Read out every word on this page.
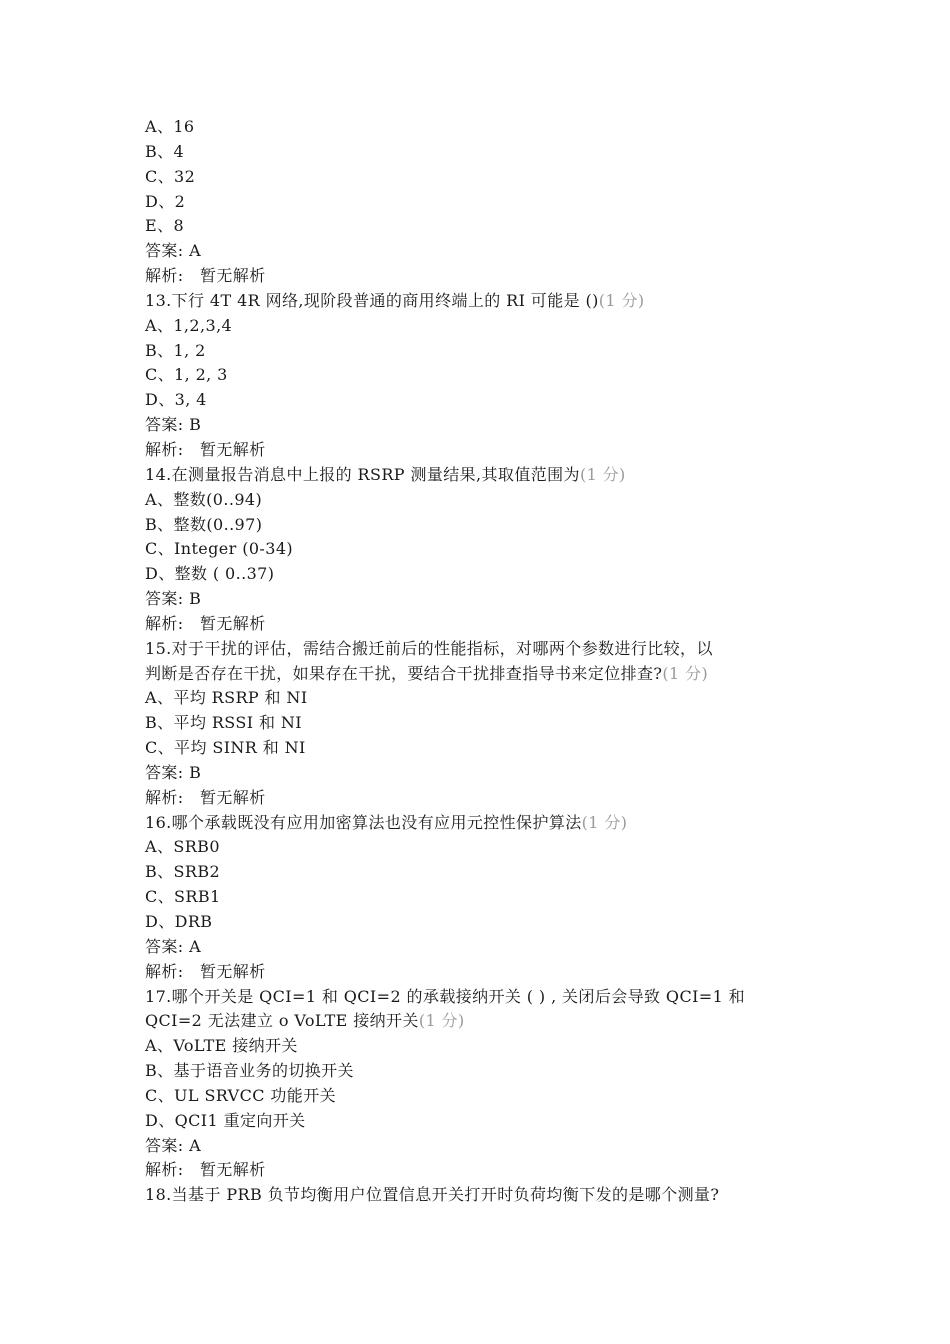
A、16
B、4
C、32
D、2
E、8
答案: A
解析:　暂无解析
13.下行 4T 4R 网络,现阶段普通的商用终端上的 RI 可能是 ()(1 分)
A、1,2,3,4
B、1, 2
C、1, 2, 3
D、3, 4
答案: B
解析:　暂无解析
14.在测量报告消息中上报的 RSRP 测量结果,其取值范围为(1 分)
A、整数(0..94)
B、整数(0..97)
C、Integer (0-34)
D、整数 ( 0..37)
答案: B
解析:　暂无解析
15.对于干扰的评估，需结合搬迁前后的性能指标，对哪两个参数进行比较，以
判断是否存在干扰，如果存在干扰，要结合干扰排查指导书来定位排查?(1 分)
A、平均 RSRP 和 NI
B、平均 RSSI 和 NI
C、平均 SINR 和 NI
答案: B
解析:　暂无解析
16.哪个承载既没有应用加密算法也没有应用元控性保护算法(1 分)
A、SRB0
B、SRB2
C、SRB1
D、DRB
答案: A
解析:　暂无解析
17.哪个开关是 QCI=1 和 QCI=2 的承载接纳开关 ( ) , 关闭后会导致 QCI=1 和
QCI=2 无法建立 o VoLTE 接纳开关(1 分)
A、VoLTE 接纳开关
B、基于语音业务的切换开关
C、UL SRVCC 功能开关
D、QCI1 重定向开关
答案: A
解析:　暂无解析
18.当基于 PRB 负节均衡用户位置信息开关打开时负荷均衡下发的是哪个测量?
